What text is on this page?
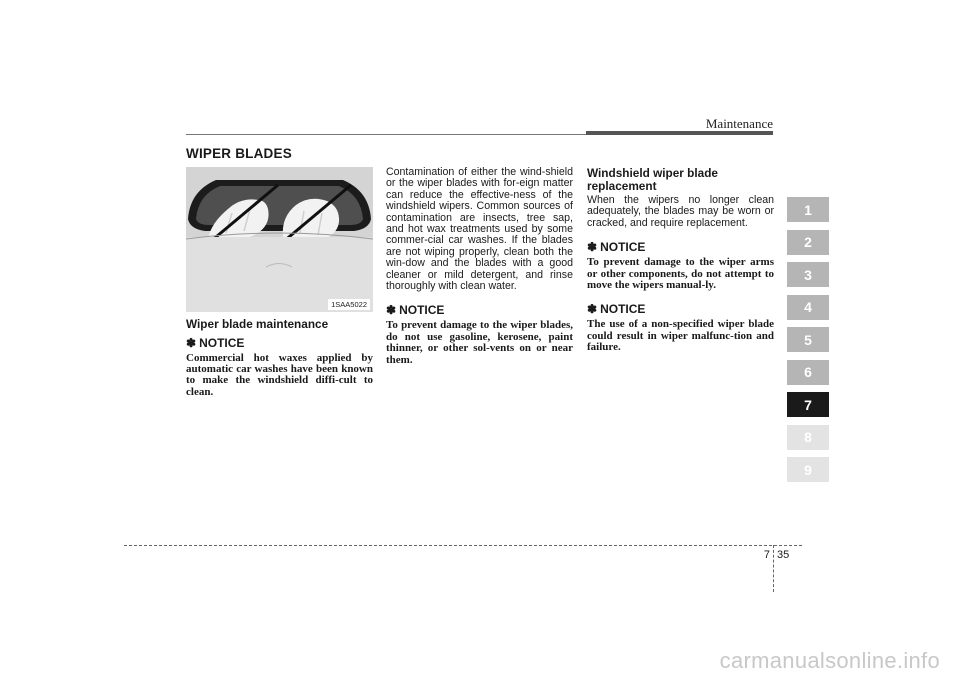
Maintenance
WIPER BLADES
1SAA5022
Wiper blade maintenance
✽ NOTICE

Commercial hot waxes applied by automatic car washes have been known to make the windshield diffi-cult to clean.

Contamination of either the wind-shield or the wiper blades with for-eign matter can reduce the effective-ness of the windshield wipers. Common sources of contamination are insects, tree sap, and hot wax treatments used by some commer-cial car washes. If the blades are not wiping properly, clean both the win-dow and the blades with a good cleaner or mild detergent, and rinse thoroughly with clean water.

✽ NOTICE

To prevent damage to the wiper blades, do not use gasoline, kerosene, paint thinner, or other sol-vents on or near them.

Windshield wiper blade replacement

When the wipers no longer clean adequately, the blades may be worn or cracked, and require replacement.

✽ NOTICE

To prevent damage to the wiper arms or other components, do not attempt to move the wipers manual-ly.

✽ NOTICE

The use of a non-specified wiper blade could result in wiper malfunc-tion and failure.

1
2
3
4
5
6
7
8
9
7 35
carmanualsonline.info
